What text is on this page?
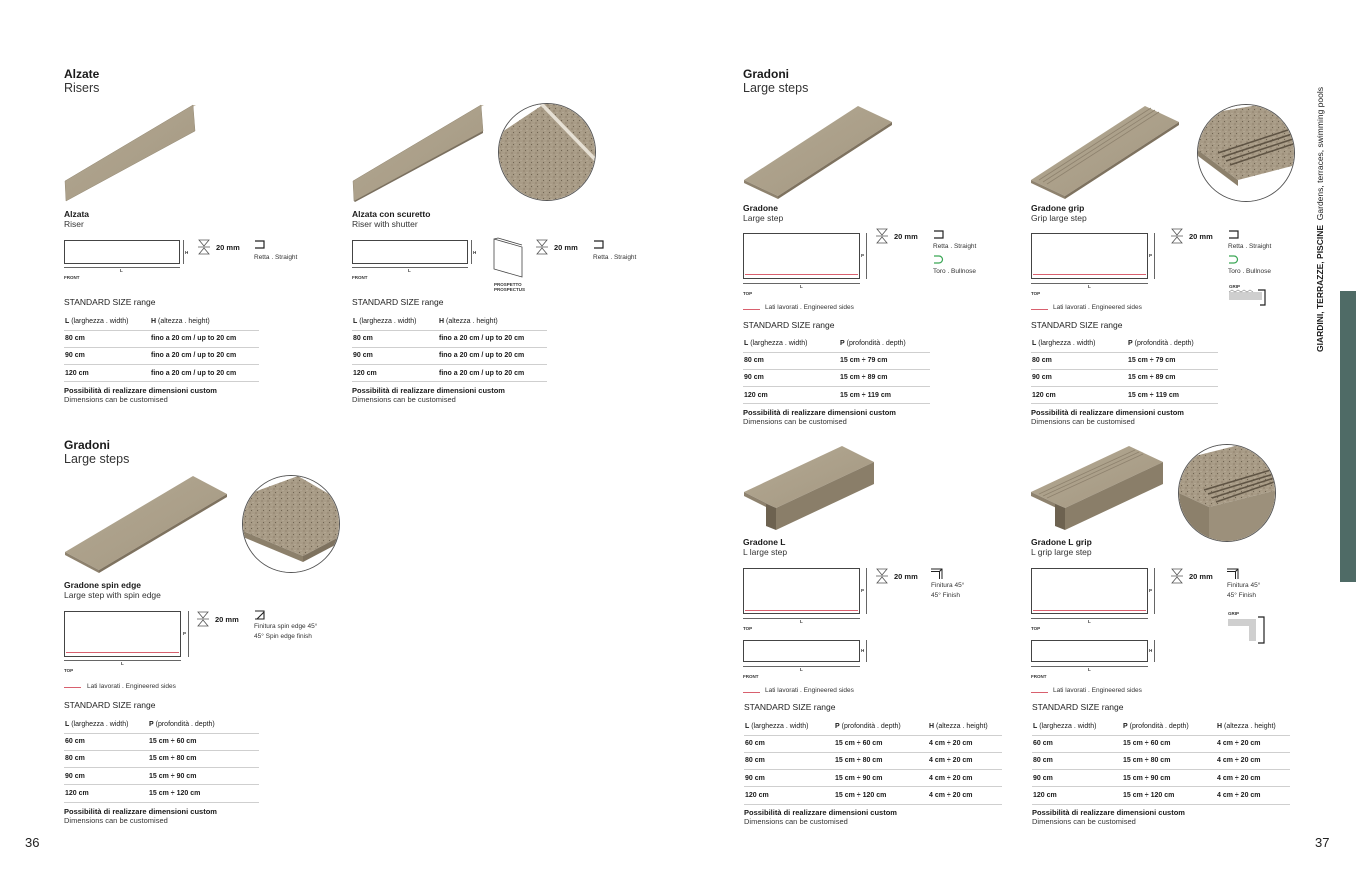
Alzate
Risers
Alzata
Riser
H
L
FRONT
20 mm
Retta . Straight
STANDARD SIZE range
L (larghezza . width)	H (altezza . height)
80 cm	fino a 20 cm / up to 20 cm
90 cm	fino a 20 cm / up to 20 cm
120 cm	fino a 20 cm / up to 20 cm
Possibilità di realizzare dimensioni custom
Dimensions can be customised
Alzata con scuretto
Riser with shutter
H
L
FRONT
PROSPETTO
PROSPECTUS
20 mm
Retta . Straight
STANDARD SIZE range
L (larghezza . width)	H (altezza . height)
80 cm	fino a 20 cm / up to 20 cm
90 cm	fino a 20 cm / up to 20 cm
120 cm	fino a 20 cm / up to 20 cm
Possibilità di realizzare dimensioni custom
Dimensions can be customised
Gradoni
Large steps
Gradone spin edge
Large step with spin edge
P
L
TOP
20 mm
Finitura spin edge 45°
45° Spin edge finish
Lati lavorati . Engineered sides
STANDARD SIZE range
L (larghezza . width)	P (profondità . depth)
60 cm	15 cm ÷ 60 cm
80 cm	15 cm ÷ 80 cm
90 cm	15 cm ÷ 90 cm
120 cm	15 cm ÷ 120 cm
Possibilità di realizzare dimensioni custom
Dimensions can be customised
36
Gradoni
Large steps
Gradone
Large step
P
L
TOP
20 mm
Retta . Straight
Toro . Bullnose
Lati lavorati . Engineered sides
STANDARD SIZE range
L (larghezza . width)	P (profondità . depth)
80 cm	15 cm ÷ 79 cm
90 cm	15 cm ÷ 89 cm
120 cm	15 cm ÷ 119 cm
Possibilità di realizzare dimensioni custom
Dimensions can be customised
Gradone grip
Grip large step
P
L
TOP
20 mm
Retta . Straight
Toro . Bullnose
GRIP
Lati lavorati . Engineered sides
STANDARD SIZE range
L (larghezza . width)	P (profondità . depth)
80 cm	15 cm ÷ 79 cm
90 cm	15 cm ÷ 89 cm
120 cm	15 cm ÷ 119 cm
Possibilità di realizzare dimensioni custom
Dimensions can be customised
Gradone L
L large step
P
L
TOP
H
L
FRONT
20 mm
Finitura 45°
45° Finish
Lati lavorati . Engineered sides
STANDARD SIZE range
L (larghezza . width)	P (profondità . depth)	H (altezza . height)
60 cm	15 cm ÷ 60 cm	4 cm ÷ 20 cm
80 cm	15 cm ÷ 80 cm	4 cm ÷ 20 cm
90 cm	15 cm ÷ 90 cm	4 cm ÷ 20 cm
120 cm	15 cm ÷ 120 cm	4 cm ÷ 20 cm
Possibilità di realizzare dimensioni custom
Dimensions can be customised
Gradone L grip
L grip large step
P
L
TOP
H
L
FRONT
20 mm
Finitura 45°
45° Finish
GRIP
Lati lavorati . Engineered sides
STANDARD SIZE range
L (larghezza . width)	P (profondità . depth)	H (altezza . height)
60 cm	15 cm ÷ 60 cm	4 cm ÷ 20 cm
80 cm	15 cm ÷ 80 cm	4 cm ÷ 20 cm
90 cm	15 cm ÷ 90 cm	4 cm ÷ 20 cm
120 cm	15 cm ÷ 120 cm	4 cm ÷ 20 cm
Possibilità di realizzare dimensioni custom
Dimensions can be customised
GIARDINI, TERRAZZE, PISCINE  Gardens, terraces, swimming pools
37
